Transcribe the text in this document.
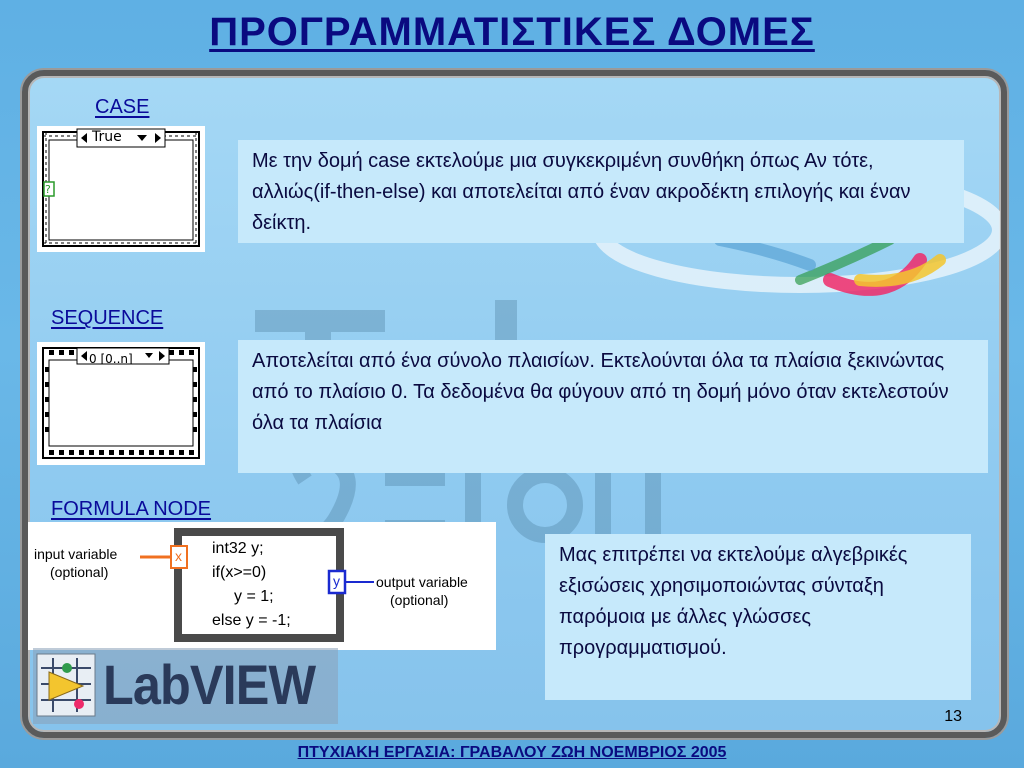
ΠΡΟΓΡΑΜΜΑΤΙΣΤΙΚΕΣ ΔΟΜΕΣ
CASE
True
?
Με την δομή case εκτελούμε μια συγκεκριμένη συνθήκη όπως Αν τότε, αλλιώς(if-then-else) και αποτελείται από έναν ακροδέκτη επιλογής και έναν δείκτη.
SEQUENCE
0 [0..n]	Αποτελείται από ένα σύνολο πλαισίων. Εκτελούνται όλα τα πλαίσια ξεκινώντας από το πλαίσιο 0. Τα δεδομένα θα φύγουν από τη δομή μόνο όταν εκτελεστούν όλα τα πλαίσια
FORMULA NODE
input variable
(optional)
x int32 y;
if(x>=0)
y = 1;
else y = -1;
y	output variable
(optional)
Μας επιτρέπει να εκτελούμε αλγεβρικές εξισώσεις χρησιμοποιώντας σύνταξη παρόμοια με άλλες γλώσσες προγραμματισμού.
LabVIEW
13
ΠΤΥΧΙΑΚΗ ΕΡΓΑΣΙΑ: ΓΡΑΒΑΛΟΥ ΖΩΗ ΝΟΕΜΒΡΙΟΣ 2005
